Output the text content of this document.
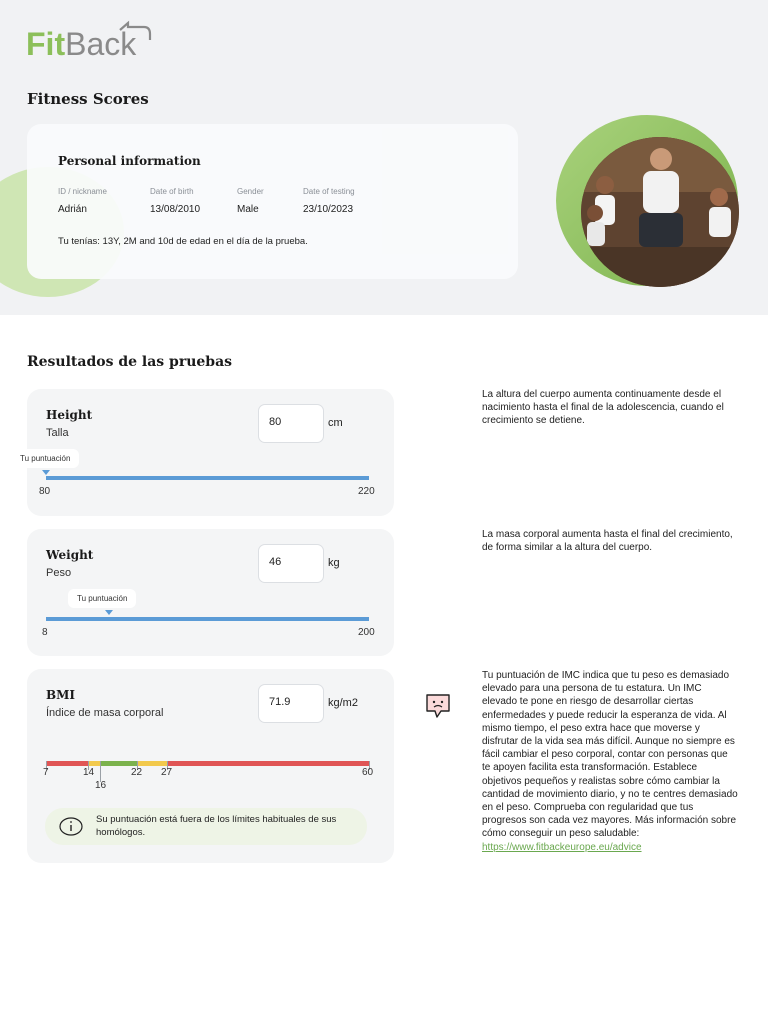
Fit Back
Fitness Scores
Personal information
ID / nickname
Adrián
Date of birth
13/08/2010
Gender
Male
Date of testing
23/10/2023
Tu tenías: 13Y, 2M and 10d de edad en el día de la prueba.
Resultados de las pruebas
Height
Talla
80	cm
Tu puntuación
80	220
La altura del cuerpo aumenta continuamente desde el nacimiento hasta el final de la adolescencia, cuando el crecimiento se detiene.
Weight
Peso
46	kg
Tu puntuación
8	200
La masa corporal aumenta hasta el final del crecimiento, de forma similar a la altura del cuerpo.
BMI
Índice de masa corporal
71.9	kg/m2
7	14
16
22 27	60
Su puntuación está fuera de los límites habituales de sus homólogos.
Tu puntuación de IMC indica que tu peso es demasiado elevado para una persona de tu estatura. Un IMC elevado te pone en riesgo de desarrollar ciertas enfermedades y puede reducir la esperanza de vida. Al mismo tiempo, el peso extra hace que moverse y disfrutar de la vida sea más difícil. Aunque no siempre es fácil cambiar el peso corporal, contar con personas que te apoyen facilita esta transformación. Establece objetivos pequeños y realistas sobre cómo cambiar la cantidad de movimiento diario, y no te centres demasiado en el peso. Comprueba con regularidad que tus progresos son cada vez mayores. Más información sobre cómo conseguir un peso saludable:
https://www.fitbackeurope.eu/advice
